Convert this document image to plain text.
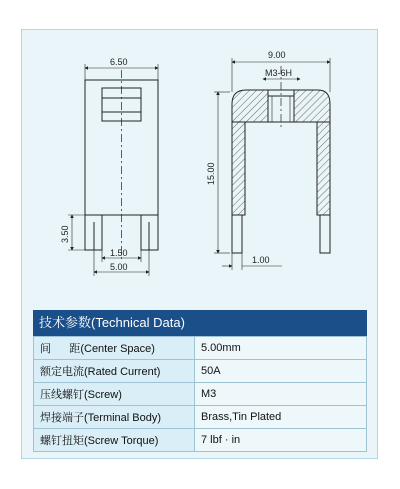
6.50
3.50
1.50
5.00
9.00
M3-6H
15.00
1.00
技术参数(Technical Data)
间      距(Center Space)	5.00mm
额定电流(Rated Current)	50A
压线螺钉(Screw)	M3
焊接端子(Terminal Body)	Brass,Tin Plated
螺钉扭矩(Screw Torque)	7 lbf · in
